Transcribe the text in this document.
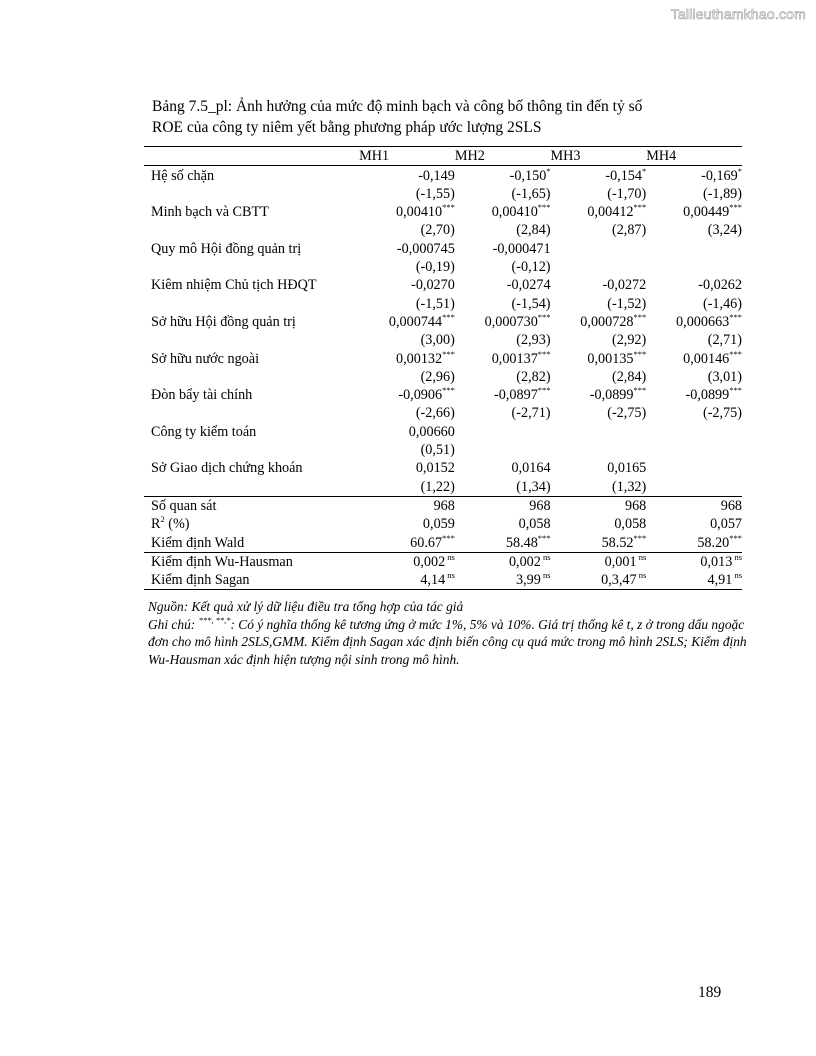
Tailieuthamkhao.com
Bảng 7.5_pl: Ảnh hưởng của mức độ minh bạch và công bố thông tin đến tỷ số
ROE của công ty niêm yết bằng phương pháp ước lượng 2SLS
	MH1	MH2	MH3	MH4
Hệ số chặn	-0,149	-0,150*	-0,154*	-0,169*
	(-1,55)	(-1,65)	(-1,70)	(-1,89)
Minh bạch và CBTT	0,00410***	0,00410***	0,00412***	0,00449***
	(2,70)	(2,84)	(2,87)	(3,24)
Quy mô Hội đồng quản trị	-0,000745	-0,000471		
	(-0,19)	(-0,12)		
Kiêm nhiệm Chủ tịch HĐQT	-0,0270	-0,0274	-0,0272	-0,0262
	(-1,51)	(-1,54)	(-1,52)	(-1,46)
Sở hữu Hội đồng quản trị	0,000744***	0,000730***	0,000728***	0,000663***
	(3,00)	(2,93)	(2,92)	(2,71)
Sở hữu nước ngoài	0,00132***	0,00137***	0,00135***	0,00146***
	(2,96)	(2,82)	(2,84)	(3,01)
Đòn bẩy tài chính	-0,0906***	-0,0897***	-0,0899***	-0,0899***
	(-2,66)	(-2,71)	(-2,75)	(-2,75)
Công ty kiểm toán	0,00660			
	(0,51)			
Sở Giao dịch chứng khoán	0,0152	0,0164	0,0165	
	(1,22)	(1,34)	(1,32)	
Số quan sát	968	968	968	968
$R^2$ (%)	0,059	0,058	0,058	0,057
Kiểm định Wald	60.67***	58.48***	58.52***	58.20***
Kiểm định Wu-Hausman	0,002 $^{ns}$	0,002 $^{ns}$	0,001 $^{ns}$	0,013 $^{ns}$
Kiểm định Sagan	4,14 $^{ns}$	3,99 $^{ns}$	0,3,47 $^{ns}$	4,91 $^{ns}$

Nguồn: Kết quả xử lý dữ liệu điều tra tổng hợp của tác giả

Ghi chú: ***, **,*: Có ý nghĩa thống kê tương ứng ở mức 1%, 5% và 10%. Giá trị thống kê t, z ở trong dấu ngoặc đơn cho mô hình 2SLS,GMM. Kiểm định Sagan xác định biến công cụ quá mức trong mô hình 2SLS; Kiểm định Wu-Hausman xác định hiện tượng nội sinh trong mô hình.

189
